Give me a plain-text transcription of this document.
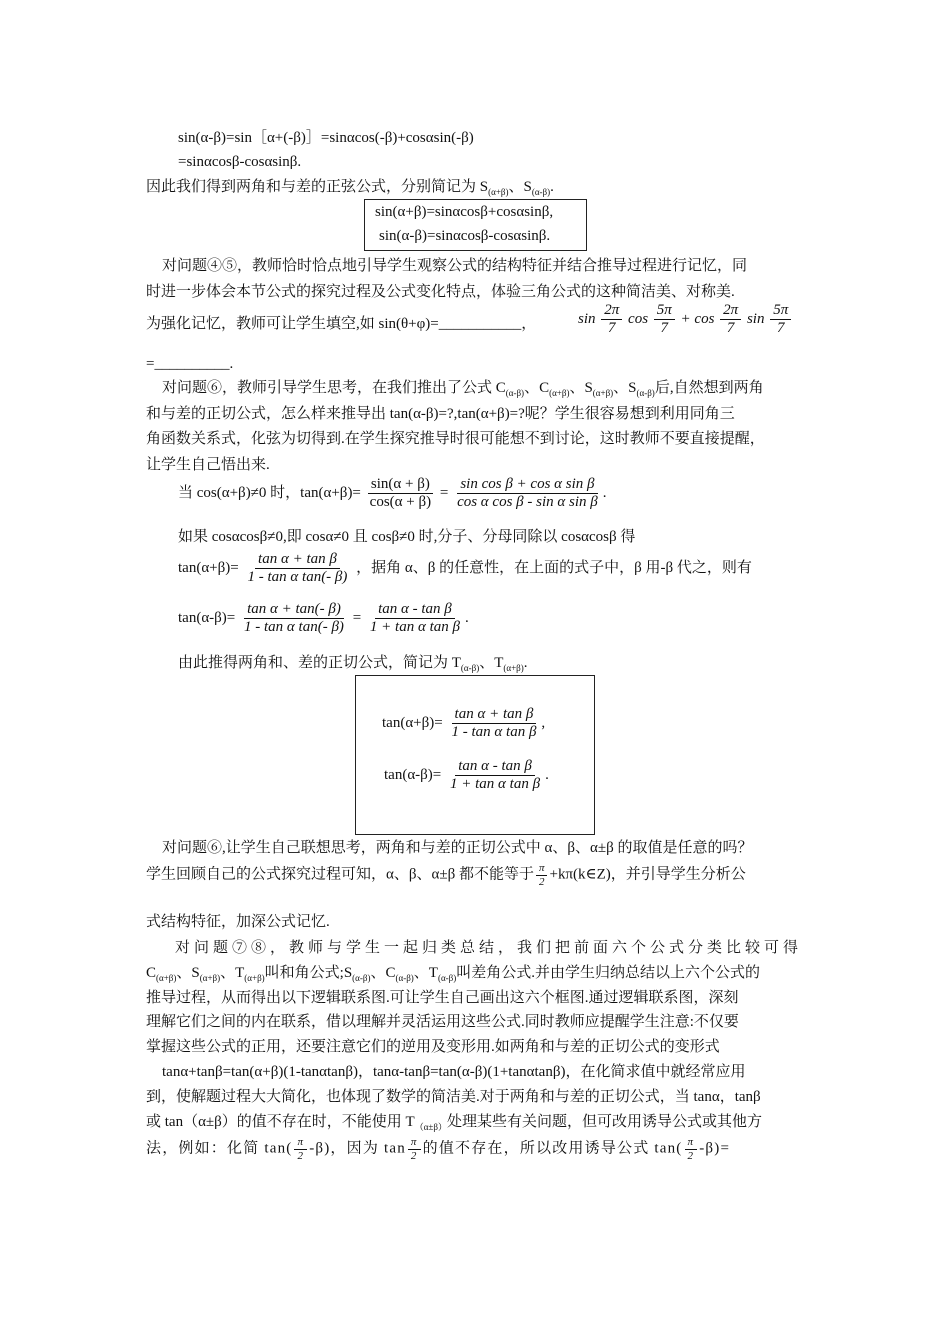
sin(α-β)=sin［α+(-β)］=sinαcos(-β)+cosαsin(-β)
=sinαcosβ-cosαsinβ.
因此我们得到两角和与差的正弦公式，分别简记为 $S_{(\alpha+\beta)}$、$S_{(\alpha-\beta)}$.
sin(α+β)=sinαcosβ+cosαsinβ,
sin(α-β)=sinαcosβ-cosαsinβ.
对问题④⑤，教师恰时恰点地引导学生观察公式的结构特征并结合推导过程进行记忆，同
时进一步体会本节公式的探究过程及公式变化特点，体验三角公式的这种简洁美、对称美.
为强化记忆，教师可让学生填空,如 sin(θ+φ)=___________，	$\sin \frac{2\pi}{7}$ $\cos \frac{5\pi}{7} + \cos \frac{2\pi}{7}$ $\sin \frac{5\pi}{7}$
=__________.
对问题⑥，教师引导学生思考，在我们推出了公式 $C_{(\alpha-\beta)}$、$C_{(\alpha+\beta)}$、$S_{(\alpha+\beta)}$、$S_{(\alpha-\beta)}$后,自然想到两角
和与差的正切公式，怎么样来推导出 tan(α-β)=?,tan(α+β)=?呢？学生很容易想到利用同角三
角函数关系式，化弦为切得到.在学生探究推导时很可能想不到讨论，这时教师不要直接提醒，
让学生自己悟出来.
当 cos(α+β)≠0 时，$\tan(\alpha+\beta)= \frac{\sin(\alpha + \beta)}{\cos(\alpha + \beta)} = \frac{\text{sin cos β + cos α sin β}}{\text{cos α cos β - sin α sin β}}$ .
如果 cosαcosβ≠0,即 cosα≠0 且 cosβ≠0 时,分子、分母同除以 cosαcosβ 得
$\tan(\alpha+\beta)= \frac{\text{tan α + tan β}}{\text{1 - tan α tan(- β)}}$ ，据角 α、β 的任意性，在上面的式子中，β 用-β 代之，则有
$\tan(\alpha-\beta)= \frac{\text{tan α + tan(- β)}}{\text{1 - tan α tan(- β)}} = \frac{\text{tan α - tan β}}{\text{1 + tan α tan β}}$ .
由此推得两角和、差的正切公式，简记为 $T_{(\alpha-\beta)}$、$T_{(\alpha+\beta)}$.
$\tan(\alpha+\beta)= \frac{\text{tan α + tan β}}{\text{1 - tan α tan β}}$ ,
$\tan(\alpha-\beta)= \frac{\text{tan α - tan β}}{\text{1 + tan α tan β}}$ .
对问题⑥,让学生自己联想思考，两角和与差的正切公式中 α、β、α±β 的取值是任意的吗？
学生回顾自己的公式探究过程可知，α、β、α±β 都不能等于 $\frac{\pi}{2}$ +kπ(k∈Z)，并引导学生分析公
式结构特征，加深公式记忆.
对问题⑦⑧，教师与学生一起归类总结，我们把前面六个公式分类比较可得
$C_{(\alpha+\beta)}$、$S_{(\alpha+\beta)}$、$T_{(\alpha+\beta)}$叫和角公式$;S_{(\alpha-\beta)}$、$C_{(\alpha-\beta)}$、$T_{(\alpha-\beta)}$叫差角公式.并由学生归纳总结以上六个公式的
推导过程，从而得出以下逻辑联系图.可让学生自己画出这六个框图.通过逻辑联系图，深刻
理解它们之间的内在联系，借以理解并灵活运用这些公式.同时教师应提醒学生注意:不仅要
掌握这些公式的正用，还要注意它们的逆用及变形用.如两角和与差的正切公式的变形式
tanα+tanβ=tan(α+β)(1-tanαtanβ)，tanα-tanβ=tan(α-β)(1+tanαtanβ)，在化简求值中就经常应用
到，使解题过程大大简化，也体现了数学的简洁美.对于两角和与差的正切公式，当 tanα，tanβ
或 tan（α±β）的值不存在时，不能使用 $T_{(\alpha\pm\beta)}$处理某些有关问题，但可改用诱导公式或其他方
法，例如：化简 $\tan( \frac{\pi}{2} -\beta)$，因为 $\tan \frac{\pi}{2}$ 的值不存在，所以改用诱导公式 $\tan( \frac{\pi}{2} -\beta)=$
